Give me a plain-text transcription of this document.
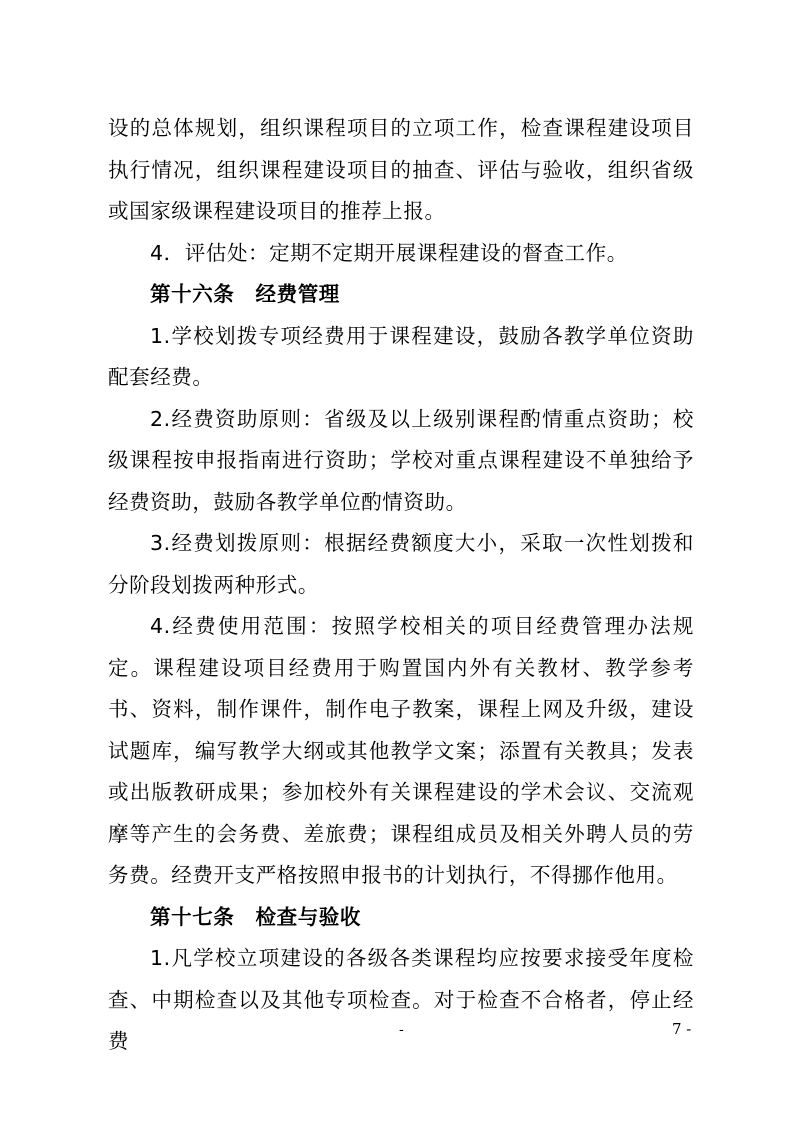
设的总体规划，组织课程项目的立项工作，检查课程建设项目执行情况，组织课程建设项目的抽查、评估与验收，组织省级或国家级课程建设项目的推荐上报。

4．评估处：定期不定期开展课程建设的督查工作。

第十六条　经费管理

1.学校划拨专项经费用于课程建设，鼓励各教学单位资助配套经费。

2.经费资助原则：省级及以上级别课程酌情重点资助；校级课程按申报指南进行资助；学校对重点课程建设不单独给予经费资助，鼓励各教学单位酌情资助。

3.经费划拨原则：根据经费额度大小，采取一次性划拨和分阶段划拨两种形式。

4.经费使用范围：按照学校相关的项目经费管理办法规定。课程建设项目经费用于购置国内外有关教材、教学参考书、资料，制作课件，制作电子教案，课程上网及升级，建设试题库，编写教学大纲或其他教学文案；添置有关教具；发表或出版教研成果；参加校外有关课程建设的学术会议、交流观摩等产生的会务费、差旅费；课程组成员及相关外聘人员的劳务费。经费开支严格按照申报书的计划执行，不得挪作他用。

第十七条　检查与验收

1.凡学校立项建设的各级各类课程均应按要求接受年度检查、中期检查以及其他专项检查。对于检查不合格者，停止经费	-	7 -
